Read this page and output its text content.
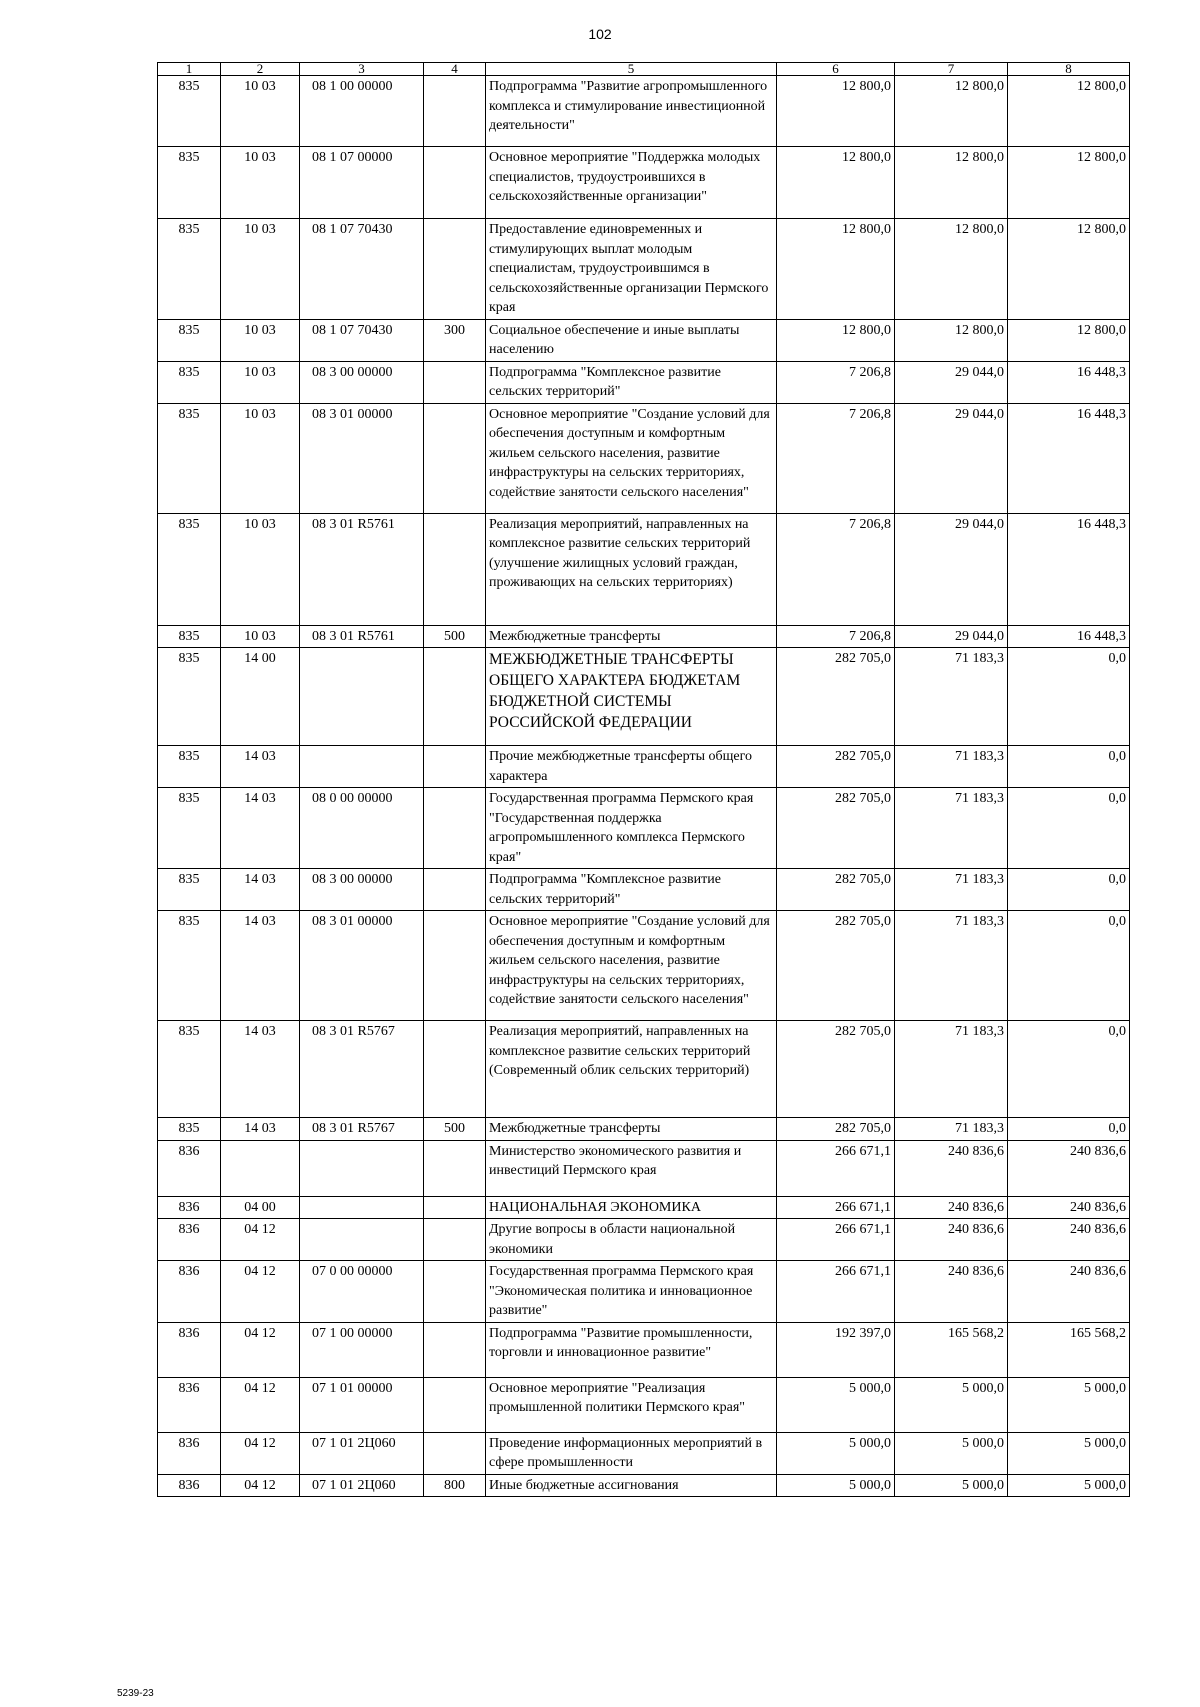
102
1	2	3	4	5	6	7	8
835	10 03	08 1 00 00000		Подпрограмма "Развитие агропромышленного комплекса и стимулирование инвестиционной деятельности"	12 800,0	12 800,0	12 800,0
835	10 03	08 1 07 00000		Основное мероприятие "Поддержка молодых специалистов, трудоустроившихся в сельскохозяйственные организации"	12 800,0	12 800,0	12 800,0
835	10 03	08 1 07 70430		Предоставление единовременных и стимулирующих выплат молодым специалистам, трудоустроившимся в сельскохозяйственные организации Пермского края	12 800,0	12 800,0	12 800,0
835	10 03	08 1 07 70430	300	Социальное обеспечение и иные выплаты населению	12 800,0	12 800,0	12 800,0
835	10 03	08 3 00 00000		Подпрограмма "Комплексное развитие сельских территорий"	7 206,8	29 044,0	16 448,3
835	10 03	08 3 01 00000		Основное мероприятие "Создание условий для обеспечения доступным и комфортным жильем сельского населения, развитие инфраструктуры на сельских территориях, содействие занятости сельского населения"	7 206,8	29 044,0	16 448,3
835	10 03	08 3 01 R5761		Реализация мероприятий, направленных на комплексное развитие сельских территорий (улучшение жилищных условий граждан, проживающих на сельских территориях)	7 206,8	29 044,0	16 448,3
835	10 03	08 3 01 R5761	500	Межбюджетные трансферты	7 206,8	29 044,0	16 448,3
835	14 00			МЕЖБЮДЖЕТНЫЕ ТРАНСФЕРТЫ ОБЩЕГО ХАРАКТЕРА БЮДЖЕТАМ БЮДЖЕТНОЙ СИСТЕМЫ РОССИЙСКОЙ ФЕДЕРАЦИИ	282 705,0	71 183,3	0,0
835	14 03			Прочие межбюджетные трансферты общего характера	282 705,0	71 183,3	0,0
835	14 03	08 0 00 00000		Государственная программа Пермского края "Государственная поддержка агропромышленного комплекса Пермского края"	282 705,0	71 183,3	0,0
835	14 03	08 3 00 00000		Подпрограмма "Комплексное развитие сельских территорий"	282 705,0	71 183,3	0,0
835	14 03	08 3 01 00000		Основное мероприятие "Создание условий для обеспечения доступным и комфортным жильем сельского населения, развитие инфраструктуры на сельских территориях, содействие занятости сельского населения"	282 705,0	71 183,3	0,0
835	14 03	08 3 01 R5767		Реализация мероприятий, направленных на комплексное развитие сельских территорий (Современный облик сельских территорий)	282 705,0	71 183,3	0,0
835	14 03	08 3 01 R5767	500	Межбюджетные трансферты	282 705,0	71 183,3	0,0
836				Министерство экономического развития и инвестиций Пермского края	266 671,1	240 836,6	240 836,6
836	04 00			НАЦИОНАЛЬНАЯ ЭКОНОМИКА	266 671,1	240 836,6	240 836,6
836	04 12			Другие вопросы в области национальной экономики	266 671,1	240 836,6	240 836,6
836	04 12	07 0 00 00000		Государственная программа Пермского края "Экономическая политика и инновационное развитие"	266 671,1	240 836,6	240 836,6
836	04 12	07 1 00 00000		Подпрограмма "Развитие промышленности, торговли и инновационное развитие"	192 397,0	165 568,2	165 568,2
836	04 12	07 1 01 00000		Основное мероприятие "Реализация промышленной политики Пермского края"	5 000,0	5 000,0	5 000,0
836	04 12	07 1 01 2Ц060		Проведение информационных мероприятий в сфере промышленности	5 000,0	5 000,0	5 000,0
836	04 12	07 1 01 2Ц060	800	Иные бюджетные ассигнования	5 000,0	5 000,0	5 000,0
5239-23
